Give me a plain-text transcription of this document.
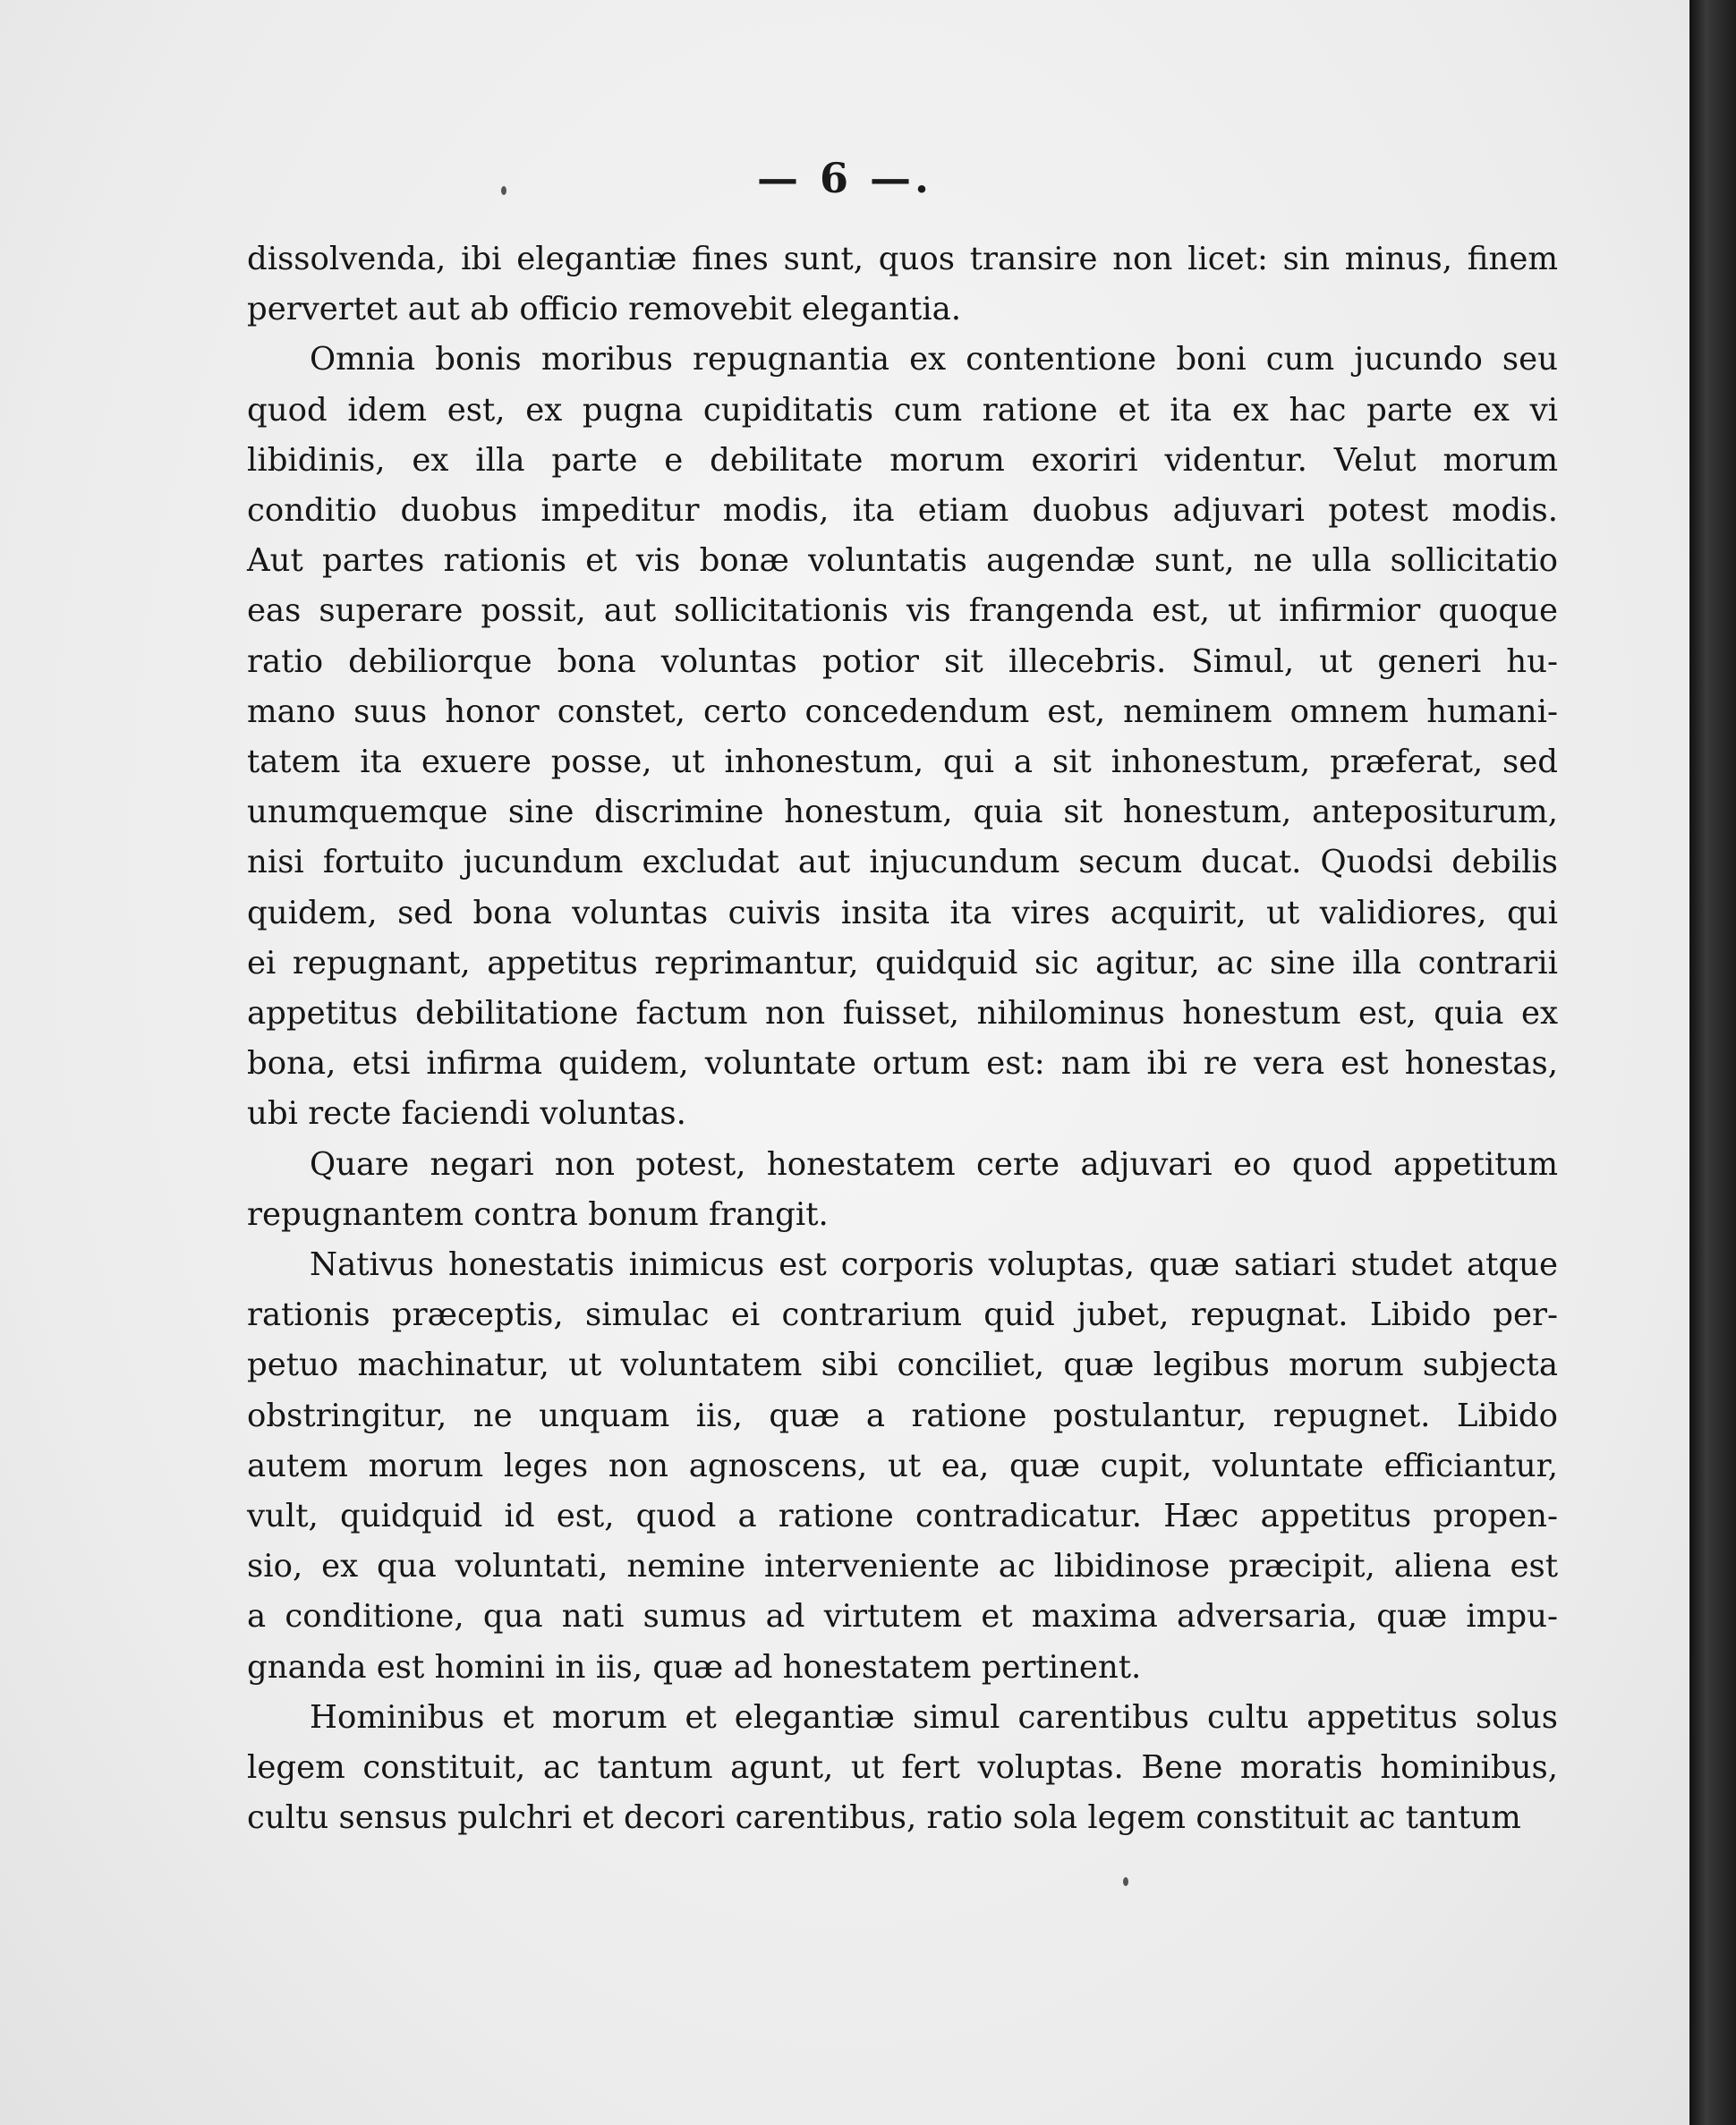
— 6 —.

dissolvenda, ibi elegantiæ fines sunt, quos transire non licet: sin minus, finem
pervertet aut ab officio removebit elegantia.

Omnia bonis moribus repugnantia ex contentione boni cum jucundo seu
quod idem est, ex pugna cupiditatis cum ratione et ita ex hac parte ex vi
libidinis, ex illa parte e debilitate morum exoriri videntur. Velut morum
conditio duobus impeditur modis, ita etiam duobus adjuvari potest modis.
Aut partes rationis et vis bonæ voluntatis augendæ sunt, ne ulla sollicitatio
eas superare possit, aut sollicitationis vis frangenda est, ut infirmior quoque
ratio debiliorque bona voluntas potior sit illecebris. Simul, ut generi hu-
mano suus honor constet, certo concedendum est, neminem omnem humani-
tatem ita exuere posse, ut inhonestum, qui a sit inhonestum, præferat, sed
unumquemque sine discrimine honestum, quia sit honestum, antepositurum,
nisi fortuito jucundum excludat aut injucundum secum ducat. Quodsi debilis
quidem, sed bona voluntas cuivis insita ita vires acquirit, ut validiores, qui
ei repugnant, appetitus reprimantur, quidquid sic agitur, ac sine illa contrarii
appetitus debilitatione factum non fuisset, nihilominus honestum est, quia ex
bona, etsi infirma quidem, voluntate ortum est: nam ibi re vera est honestas,
ubi recte faciendi voluntas.

Quare negari non potest, honestatem certe adjuvari eo quod appetitum
repugnantem contra bonum frangit.

Nativus honestatis inimicus est corporis voluptas, quæ satiari studet atque
rationis præceptis, simulac ei contrarium quid jubet, repugnat. Libido per-
petuo machinatur, ut voluntatem sibi conciliet, quæ legibus morum subjecta
obstringitur, ne unquam iis, quæ a ratione postulantur, repugnet. Libido
autem morum leges non agnoscens, ut ea, quæ cupit, voluntate efficiantur,
vult, quidquid id est, quod a ratione contradicatur. Hæc appetitus propen-
sio, ex qua voluntati, nemine interveniente ac libidinose præcipit, aliena est
a conditione, qua nati sumus ad virtutem et maxima adversaria, quæ impu-
gnanda est homini in iis, quæ ad honestatem pertinent.

Hominibus et morum et elegantiæ simul carentibus cultu appetitus solus
legem constituit, ac tantum agunt, ut fert voluptas. Bene moratis hominibus,
cultu sensus pulchri et decori carentibus, ratio sola legem constituit ac tantum
